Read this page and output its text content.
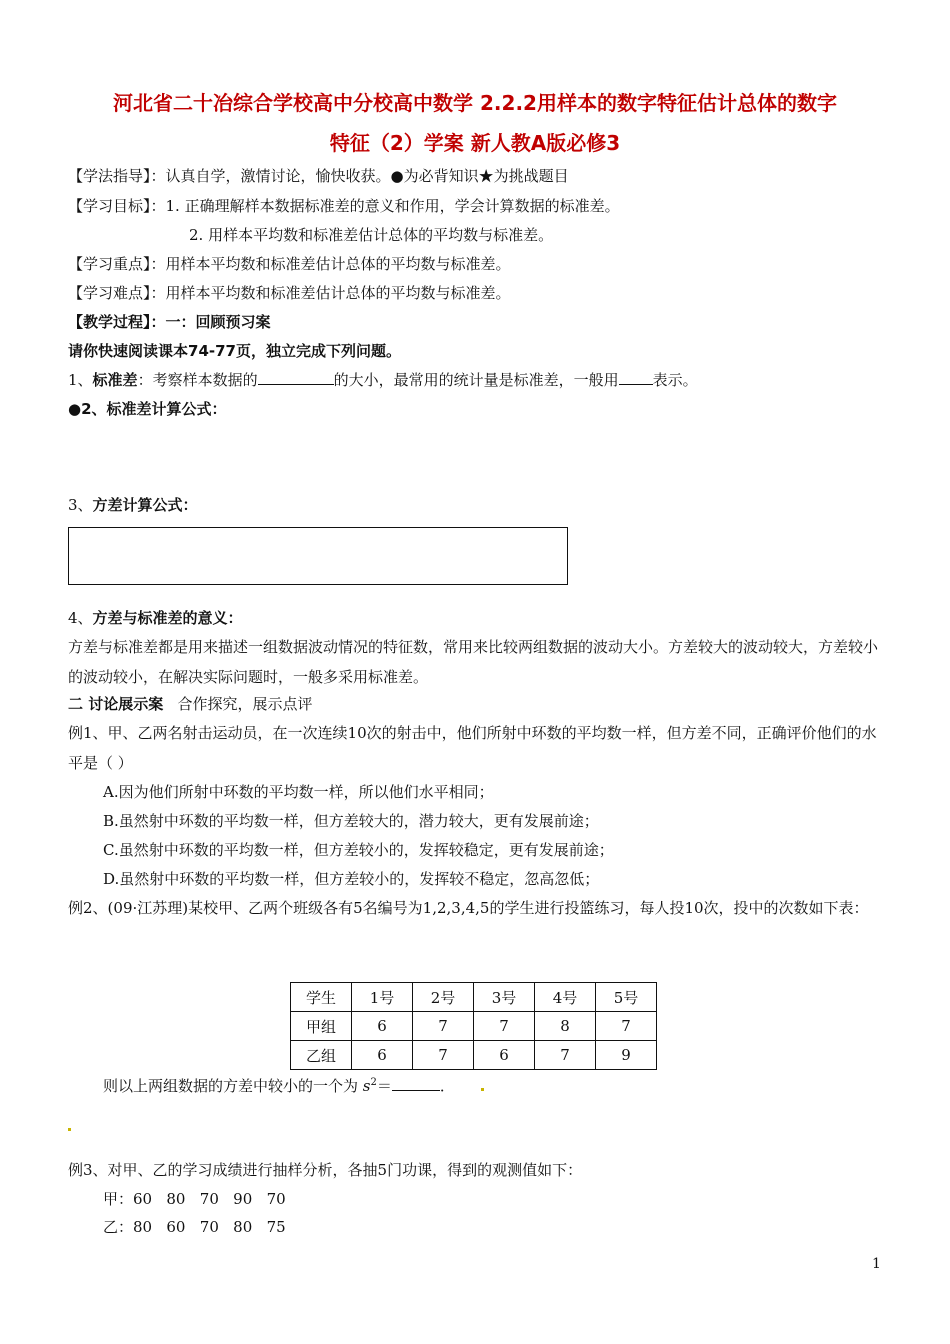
河北省二十冶综合学校高中分校高中数学 2.2.2用样本的数字特征估计总体的数字
特征（2）学案 新人教A版必修3
【学法指导】：认真自学，激情讨论，愉快收获。●为必背知识★为挑战题目
【学习目标】：1. 正确理解样本数据标准差的意义和作用，学会计算数据的标准差。
2. 用样本平均数和标准差估计总体的平均数与标准差。
【学习重点】：用样本平均数和标准差估计总体的平均数与标准差。
【学习难点】：用样本平均数和标准差估计总体的平均数与标准差。
【教学过程】：一：回顾预习案
请你快速阅读课本74-77页，独立完成下列问题。
1、标准差：考察样本数据的	的大小，最常用的统计量是标准差，一般用 表示。
●2、标准差计算公式：
3、方差计算公式：
4、方差与标准差的意义：
方差与标准差都是用来描述一组数据波动情况的特征数，常用来比较两组数据的波动大小。方差较大的波动较大，方差较小的波动较小，在解决实际问题时，一般多采用标准差。
二 讨论展示案 合作探究，展示点评
例1、甲、乙两名射击运动员，在一次连续10次的射击中，他们所射中环数的平均数一样，但方差不同，正确评价他们的水平是（ ）
A.因为他们所射中环数的平均数一样，所以他们水平相同；
B.虽然射中环数的平均数一样，但方差较大的，潜力较大，更有发展前途；
C.虽然射中环数的平均数一样，但方差较小的，发挥较稳定，更有发展前途；
D.虽然射中环数的平均数一样，但方差较小的，发挥较不稳定，忽高忽低；
例2、(09·江苏理)某校甲、乙两个班级各有5名编号为1,2,3,4,5的学生进行投篮练习，每人投10次，投中的次数如下表：
学生	1号	2号	3号	4号	5号
甲组	6	7	7	8	7
乙组	6	7	6	7	9
则以上两组数据的方差中较小的一个为 $s^2=$	．
例3、对甲、乙的学习成绩进行抽样分析，各抽5门功课，得到的观测值如下：
甲：60   80   70   90   70
乙：80   60   70   80   75
1
